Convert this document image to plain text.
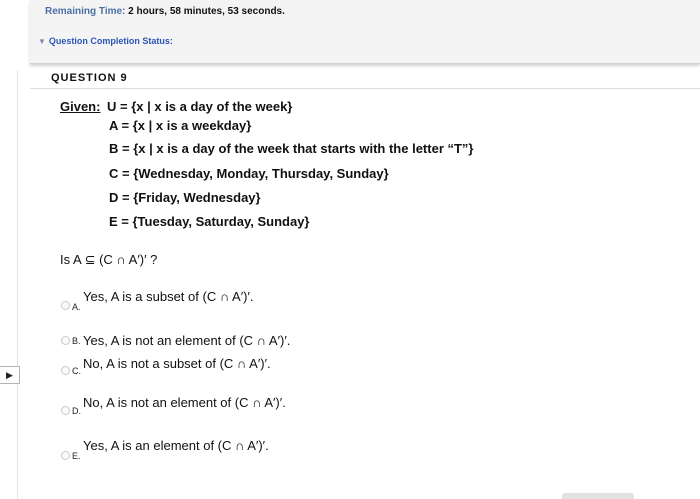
Remaining Time: 2 hours, 58 minutes, 53 seconds.
▼ Question Completion Status:
▶
QUESTION 9
Given: U = {x | x is a day of the week}
A = {x | x is a weekday}
B = {x | x is a day of the week that starts with the letter “T”}
C = {Wednesday, Monday, Thursday, Sunday}
D = {Friday, Wednesday}
E = {Tuesday, Saturday, Sunday}
Is A ⊆ (C ∩ A′)′ ?
A.
Yes, A is a subset of (C ∩ A′)′.
B. Yes, A is not an element of (C ∩ A′)′.
C. No, A is not a subset of (C ∩ A′)′.
D.
No, A is not an element of (C ∩ A′)′.
E.
Yes, A is an element of (C ∩ A′)′.
